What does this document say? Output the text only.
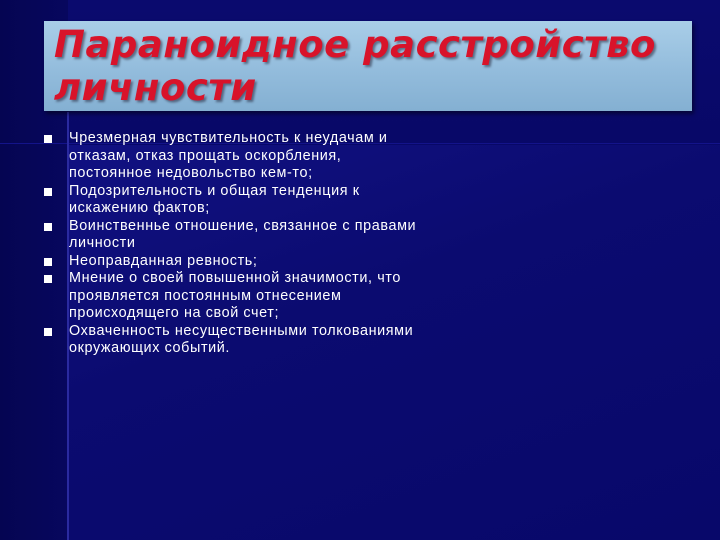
Параноидное расстройство
личности
Чрезмерная чувствительность к неудачам и отказам, отказ прощать оскорбления, постоянное недовольство кем-то;
Подозрительность и общая тенденция к искажению фактов;
Воинственнье отношение, связанное с правами личности
Неоправданная ревность;
Мнение о своей повышенной значимости, что проявляется постоянным отнесением происходящего на свой счет;
Охваченность несущественными толкованиями окружающих событий.
